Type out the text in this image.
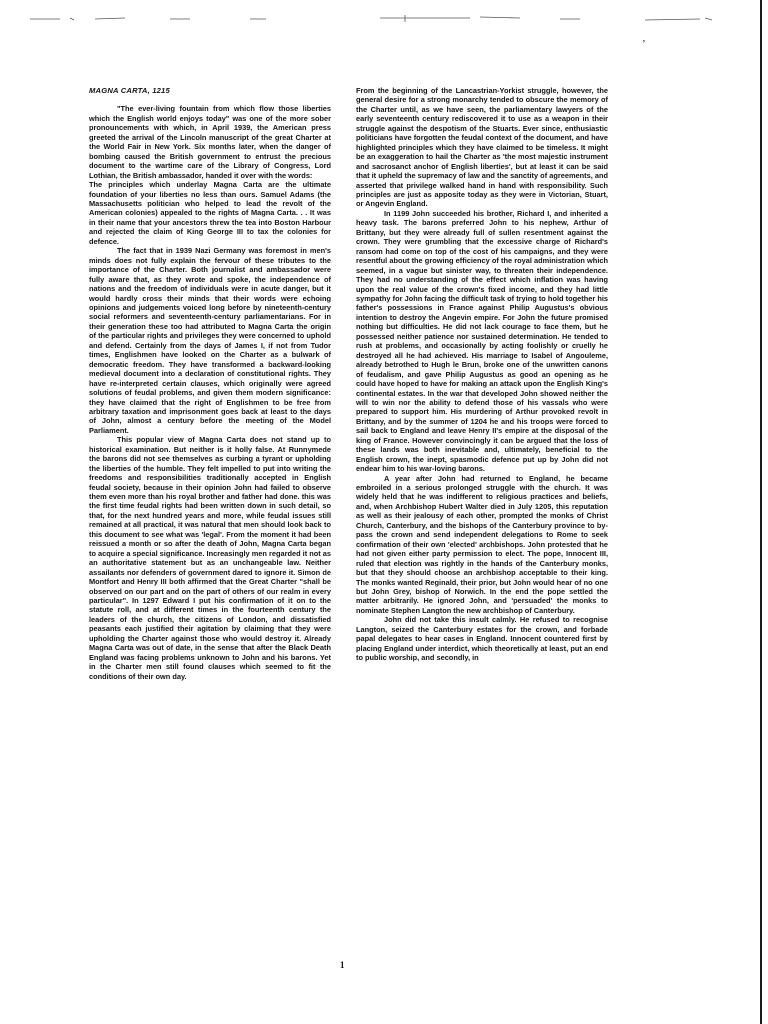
ʼ
MAGNA CARTA, 1215

"The ever-living fountain from which flow those liberties which the English world enjoys today" was one of the more sober pronouncements with which, in April 1939, the American press greeted the arrival of the Lincoln manuscript of the great Charter at the World Fair in New York. Six months later, when the danger of bombing caused the British government to entrust the precious document to the wartime care of the Library of Congress, Lord Lothian, the British ambassador, handed it over with the words:

The principles which underlay Magna Carta are the ultimate foundation of your liberties no less than ours. Samuel Adams (the Massachusetts politician who helped to lead the revolt of the American colonies) appealed to the rights of Magna Carta. . . It was in their name that your ancestors threw the tea into Boston Harbour and rejected the claim of King George III to tax the colonies for defence.

The fact that in 1939 Nazi Germany was foremost in men's minds does not fully explain the fervour of these tributes to the importance of the Charter. Both journalist and ambassador were fully aware that, as they wrote and spoke, the independence of nations and the freedom of individuals were in acute danger, but it would hardly cross their minds that their words were echoing opinions and judgements voiced long before by nineteenth-century social reformers and seventeenth-century parliamentarians. For in their generation these too had attributed to Magna Carta the origin of the particular rights and privileges they were concerned to uphold and defend. Certainly from the days of James I, if not from Tudor times, Englishmen have looked on the Charter as a bulwark of democratic freedom. They have transformed a backward-looking medieval document into a declaration of constitutional rights. They have re-interpreted certain clauses, which originally were agreed solutions of feudal problems, and given them modern significance: they have claimed that the right of Englishmen to be free from arbitrary taxation and imprisonment goes back at least to the days of John, almost a century before the meeting of the Model Parliament.

This popular view of Magna Carta does not stand up to historical examination. But neither is it holly false. At Runnymede the barons did not see themselves as curbing a tyrant or upholding the liberties of the humble. They felt impelled to put into writing the freedoms and responsibilities traditionally accepted in English feudal society, because in their opinion John had failed to observe them even more than his royal brother and father had done. this was the first time feudal rights had been written down in such detail, so that, for the next hundred years and more, while feudal issues still remained at all practical, it was natural that men should look back to this document to see what was 'legal'. From the moment it had been reissued a month or so after the death of John, Magna Carta began to acquire a special significance. Increasingly men regarded it not as an authoritative statement but as an unchangeable law. Neither assailants nor defenders of government dared to ignore it. Simon de Montfort and Henry III both affirmed that the Great Charter "shall be observed on our part and on the part of others of our realm in every particular". In 1297 Edward I put his confirmation of it on to the statute roll, and at different times in the fourteenth century the leaders of the church, the citizens of London, and dissatisfied peasants each justified their agitation by claiming that they were upholding the Charter against those who would destroy it. Already Magna Carta was out of date, in the sense that after the Black Death England was facing problems unknown to John and his barons. Yet in the Charter men still found clauses which seemed to fit the conditions of their own day.

From the beginning of the Lancastrian-Yorkist struggle, however, the general desire for a strong monarchy tended to obscure the memory of the Charter until, as we have seen, the parliamentary lawyers of the early seventeenth century rediscovered it to use as a weapon in their struggle against the despotism of the Stuarts. Ever since, enthusiastic politicians have forgotten the feudal context of the document, and have highlighted principles which they have claimed to be timeless. It might be an exaggeration to hail the Charter as 'the most majestic instrument and sacrosanct anchor of English liberties', but at least it can be said that it upheld the supremacy of law and the sanctity of agreements, and asserted that privilege walked hand in hand with responsibility. Such principles are just as apposite today as they were in Victorian, Stuart, or Angevin England.

In 1199 John succeeded his brother, Richard I, and inherited a heavy task. The barons preferred John to his nephew, Arthur of Brittany, but they were already full of sullen resentment against the crown. They were grumbling that the excessive charge of Richard's ransom had come on top of the cost of his campaigns, and they were resentful about the growing efficiency of the royal administration which seemed, in a vague but sinister way, to threaten their independence. They had no understanding of the effect which inflation was having upon the real value of the crown's fixed income, and they had little sympathy for John facing the difficult task of trying to hold together his father's possessions in France against Philip Augustus's obvious intention to destroy the Angevin empire. For John the future promised nothing but difficulties. He did not lack courage to face them, but he possessed neither patience nor sustained determination. He tended to rush at problems, and occasionally by acting foolishly or cruelly he destroyed all he had achieved. His marriage to Isabel of Angouleme, already betrothed to Hugh le Brun, broke one of the unwritten canons of feudalism, and gave Philip Augustus as good an opening as he could have hoped to have for making an attack upon the English King's continental estates. In the war that developed John showed neither the will to win nor the ability to defend those of his vassals who were prepared to support him. His murdering of Arthur provoked revolt in Brittany, and by the summer of 1204 he and his troops were forced to sail back to England and leave Henry II's empire at the disposal of the king of France. However convincingly it can be argued that the loss of these lands was both inevitable and, ultimately, beneficial to the English crown, the inept, spasmodic defence put up by John did not endear him to his war-loving barons.

A year after John had returned to England, he became embroiled in a serious prolonged struggle with the church. It was widely held that he was indifferent to religious practices and beliefs, and, when Archbishop Hubert Walter died in July 1205, this reputation as well as their jealousy of each other, prompted the monks of Christ Church, Canterbury, and the bishops of the Canterbury province to by-pass the crown and send independent delegations to Rome to seek confirmation of their own 'elected' archbishops. John protested that he had not given either party permission to elect. The pope, Innocent III, ruled that election was rightly in the hands of the Canterbury monks, but that they should choose an archbishop acceptable to their king. The monks wanted Reginald, their prior, but John would hear of no one but John Grey, bishop of Norwich. In the end the pope settled the matter arbitrarily. He ignored John, and 'persuaded' the monks to nominate Stephen Langton the new archbishop of Canterbury.

John did not take this insult calmly. He refused to recognise Langton, seized the Canterbury estates for the crown, and forbade papal delegates to hear cases in England. Innocent countered first by placing England under interdict, which theoretically at least, put an end to public worship, and secondly, in

1
